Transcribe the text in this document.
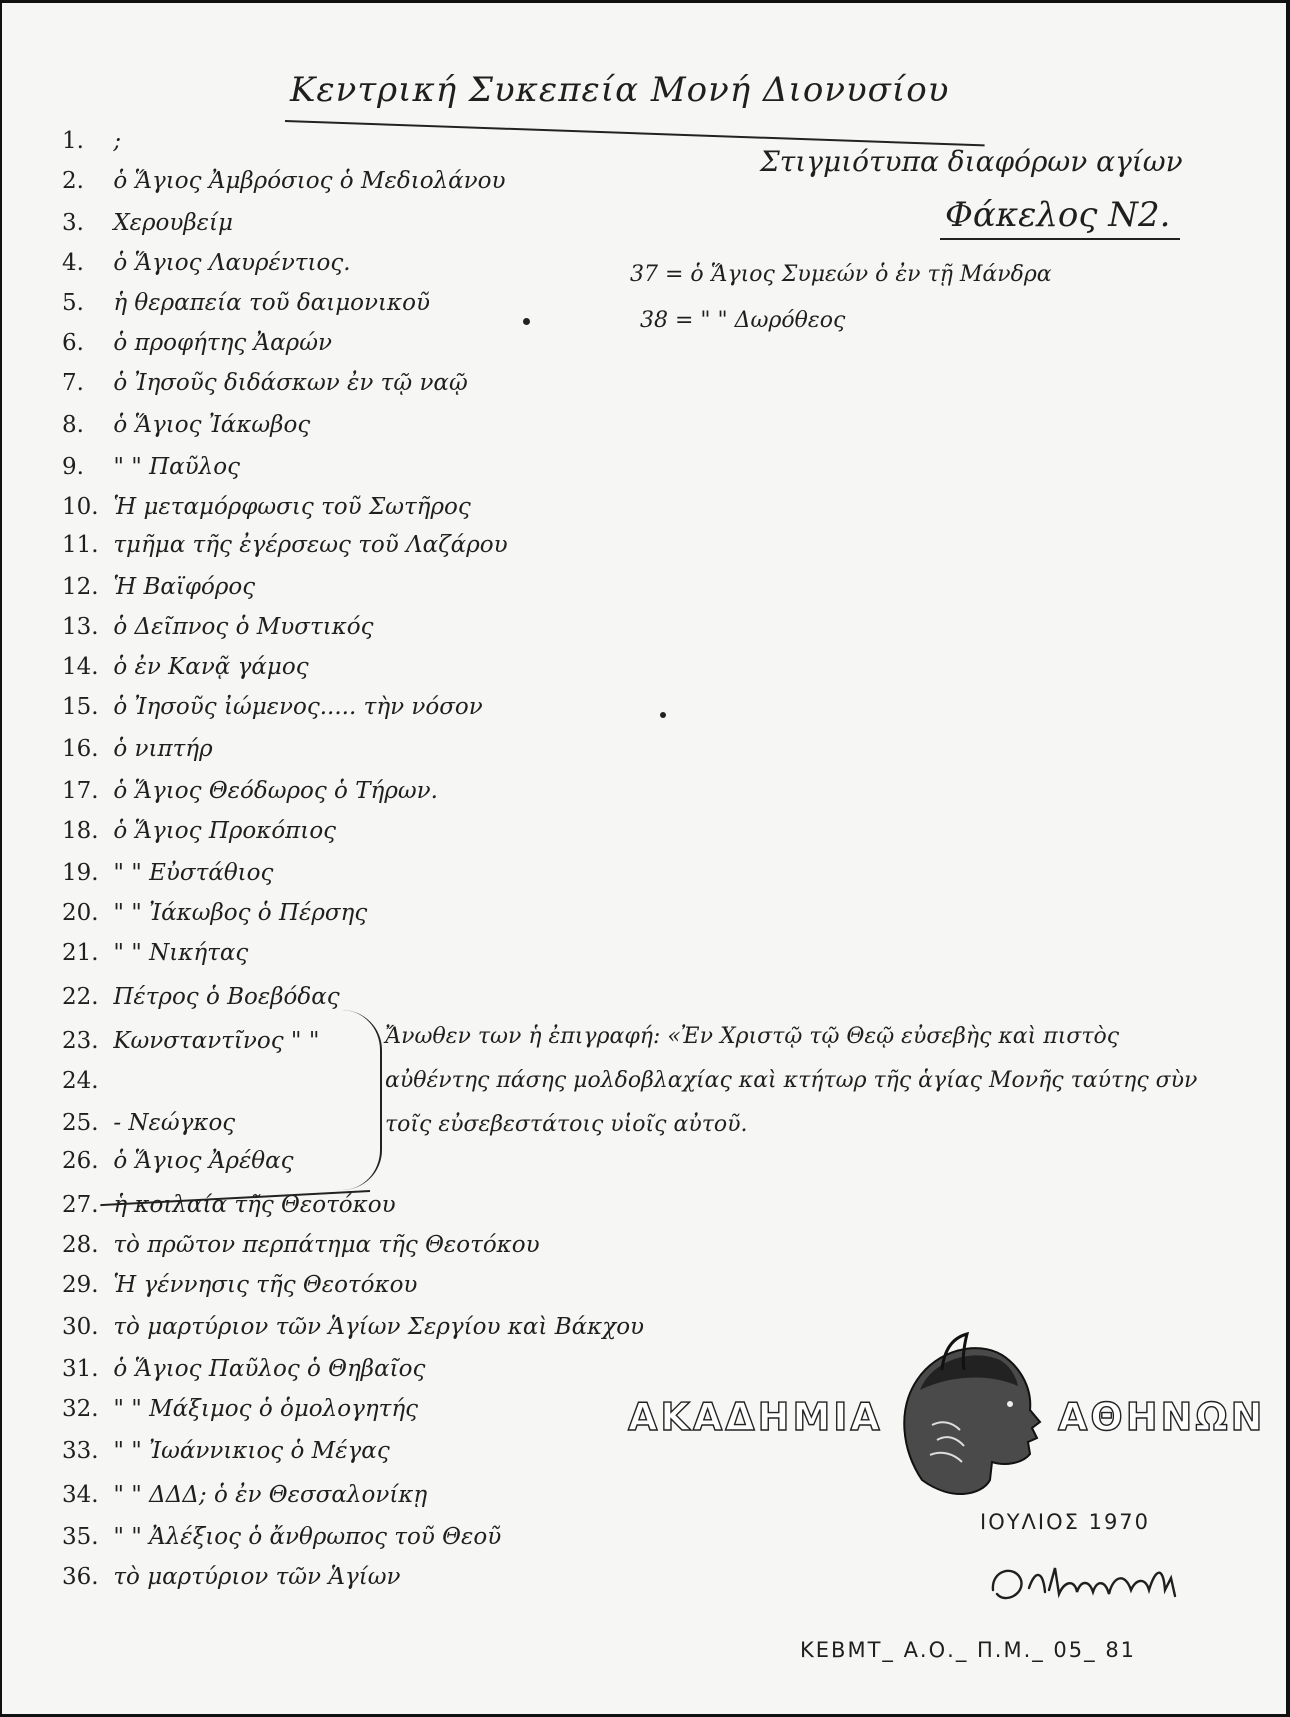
Κεντρική Συκεπεία Μονή Διονυσίου
Στιγμιότυπα διαφόρων αγίων
Φάκελος Ν2.
37 = ὁ Ἅγιος Συμεών ὁ ἐν τῇ Μάνδρα
38 = " " Δωρόθεος
1. ;
2. ὁ Ἅγιος Ἀμβρόσιος ὁ Μεδιολάνου
3. Χερουβείμ
4. ὁ Ἅγιος Λαυρέντιος.
5. ἡ θεραπεία τοῦ δαιμονικοῦ
6. ὁ προφήτης Ἀαρών
7. ὁ Ἰησοῦς διδάσκων ἐν τῷ ναῷ
8. ὁ Ἅγιος Ἰάκωβος
9. " " Παῦλος
10. Ἡ μεταμόρφωσις τοῦ Σωτῆρος
11. τμῆμα τῆς ἐγέρσεως τοῦ Λαζάρου
12. Ἡ Βαϊφόρος
13. ὁ Δεῖπνος ὁ Μυστικός
14. ὁ ἐν Κανᾷ γάμος
15. ὁ Ἰησοῦς ἰώμενος..... τὴν νόσον
16. ὁ νιπτήρ
17. ὁ Ἅγιος Θεόδωρος ὁ Τήρων.
18. ὁ Ἅγιος Προκόπιος
19. " " Εὐστάθιος
20. " " Ἰάκωβος ὁ Πέρσης
21. " " Νικήτας
22. Πέτρος ὁ Βοεβόδας
23. Κωνσταντῖνος " "
24.
25. - Νεώγκος
26. ὁ Ἅγιος Ἀρέθας
27. ἡ κοιλαία τῆς Θεοτόκου
28. τὸ πρῶτον περπάτημα τῆς Θεοτόκου
29. Ἡ γέννησις τῆς Θεοτόκου
30. τὸ μαρτύριον τῶν Ἁγίων Σεργίου καὶ Βάκχου
31. ὁ Ἅγιος Παῦλος ὁ Θηβαῖος
32. " " Μάξιμος ὁ ὁμολογητής
33. " " Ἰωάννικιος ὁ Μέγας
34. " " ΔΔΔ; ὁ ἐν Θεσσαλονίκῃ
35. " " Ἀλέξιος ὁ ἄνθρωπος τοῦ Θεοῦ
36. τὸ μαρτύριον τῶν Ἁγίων
Ἄνωθεν των ἡ ἐπιγραφή: «Ἐν Χριστῷ τῷ Θεῷ εὐσεβὴς καὶ πιστὸς αὐθέντης πάσης μολδοβλαχίας καὶ κτήτωρ τῆς ἁγίας Μονῆς ταύτης σὺν τοῖς εὐσεβεστάτοις υἱοῖς αὐτοῦ.
ΑΚΑΔΗΜΙΑ	ΑΘΗΝΩΝ
ΙΟΥΛΙΟΣ 1970
ΚΕΒΜΤ_ Α.Ο._ Π.Μ._ 05_ 81
